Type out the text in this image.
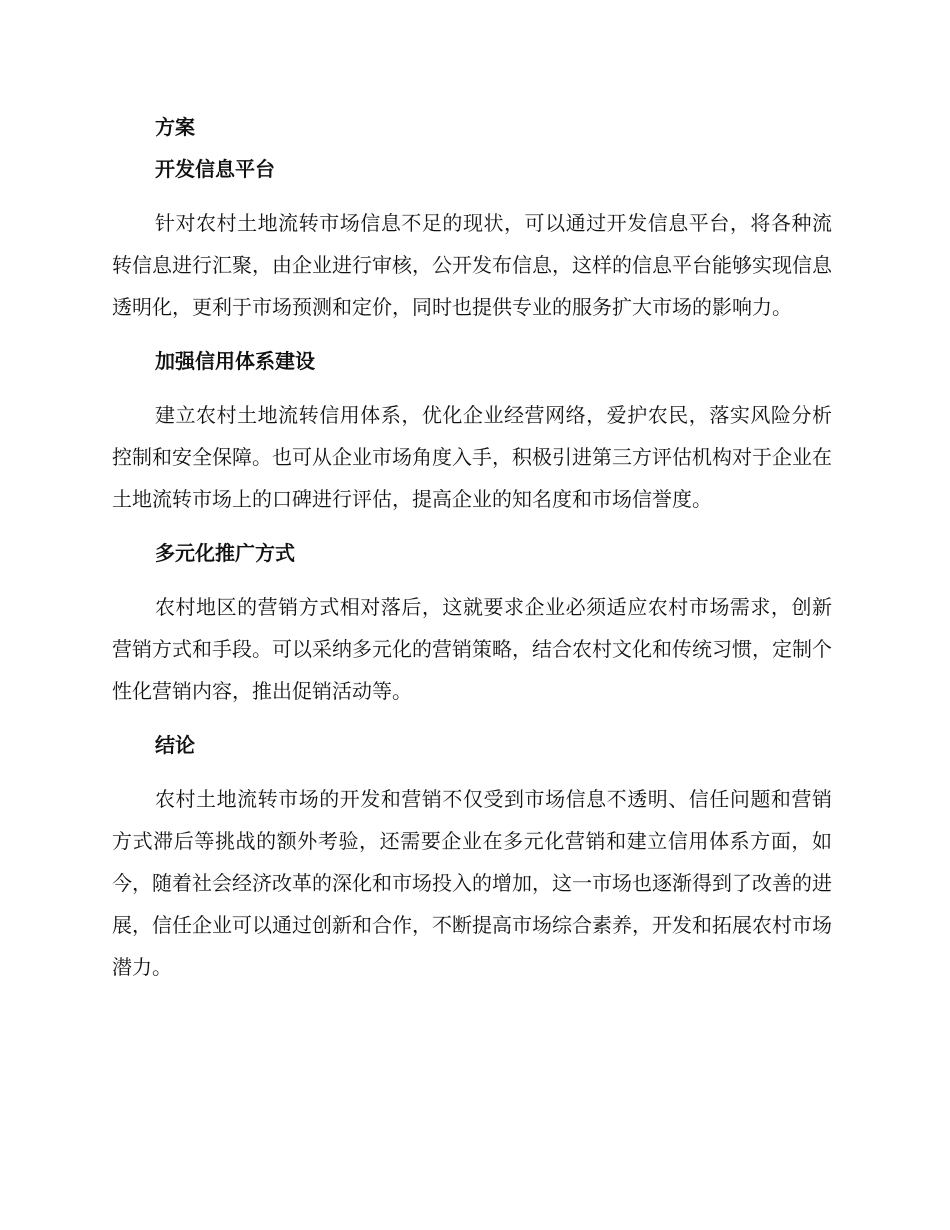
方案
开发信息平台

针对农村土地流转市场信息不足的现状，可以通过开发信息平台，将各种流转信息进行汇聚，由企业进行审核，公开发布信息，这样的信息平台能够实现信息透明化，更利于市场预测和定价，同时也提供专业的服务扩大市场的影响力。

加强信用体系建设

建立农村土地流转信用体系，优化企业经营网络，爱护农民，落实风险分析控制和安全保障。也可从企业市场角度入手，积极引进第三方评估机构对于企业在土地流转市场上的口碑进行评估，提高企业的知名度和市场信誉度。

多元化推广方式

农村地区的营销方式相对落后，这就要求企业必须适应农村市场需求，创新营销方式和手段。可以采纳多元化的营销策略，结合农村文化和传统习惯，定制个性化营销内容，推出促销活动等。

结论

农村土地流转市场的开发和营销不仅受到市场信息不透明、信任问题和营销方式滞后等挑战的额外考验，还需要企业在多元化营销和建立信用体系方面，如今，随着社会经济改革的深化和市场投入的增加，这一市场也逐渐得到了改善的进展，信任企业可以通过创新和合作，不断提高市场综合素养，开发和拓展农村市场潜力。
